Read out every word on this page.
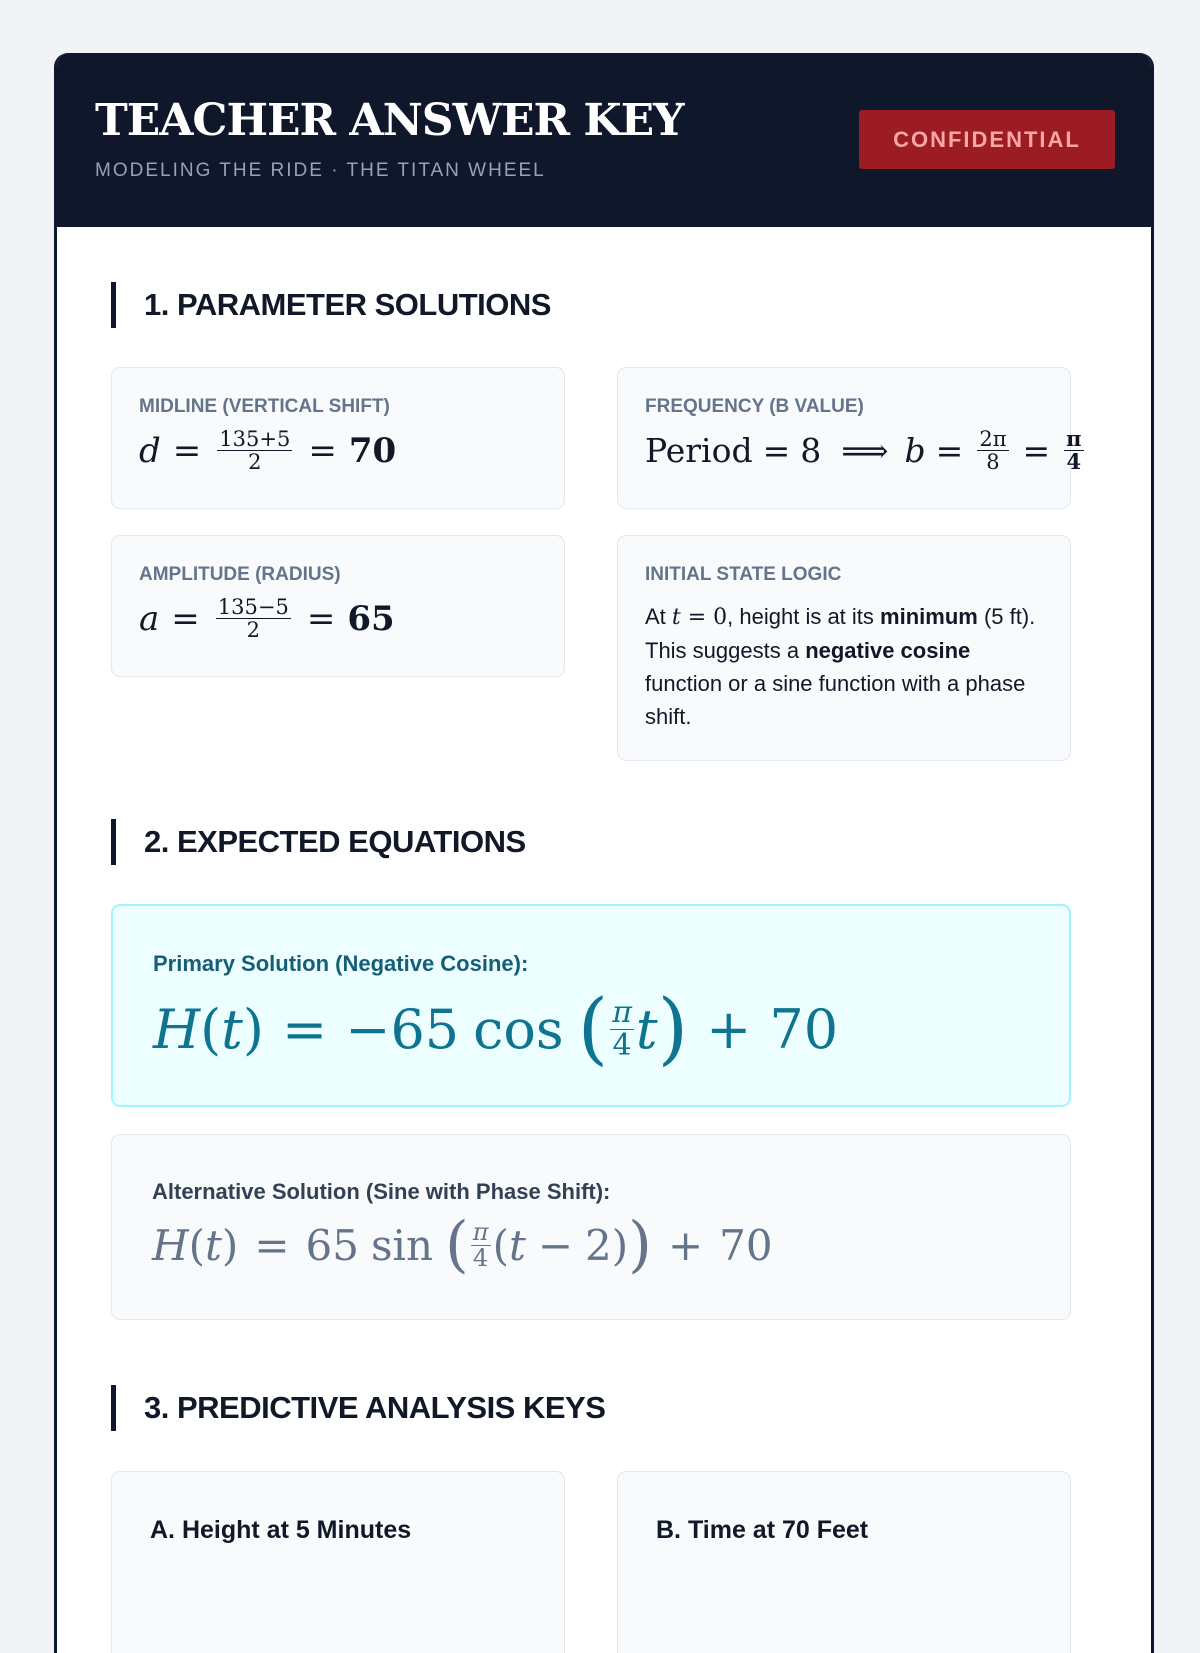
TEACHER ANSWER KEY
MODELING THE RIDE · THE TITAN WHEEL
CONFIDENTIAL
1. PARAMETER SOLUTIONS
MIDLINE (VERTICAL SHIFT)
$d = \frac{135+5}{2} = 70$
FREQUENCY (B VALUE)
Period = 8 ⟹ $b = \frac{2\pi}{8} = \frac{\pi}{4}$
AMPLITUDE (RADIUS)
$a = \frac{135-5}{2} = 65$
INITIAL STATE LOGIC
At t = 0, height is at its minimum (5 ft). This suggests a negative cosine function or a sine function with a phase shift.
2. EXPECTED EQUATIONS
Primary Solution (Negative Cosine):
H ( t ) = −65 cos ( $\frac{\pi}{4}$ t ) + 70
Alternative Solution (Sine with Phase Shift):
H ( t ) = 65 sin ( $\frac{\pi}{4}$ ( t − 2 ) ) + 70
3. PREDICTIVE ANALYSIS KEYS
A. Height at 5 Minutes	B. Time at 70 Feet
